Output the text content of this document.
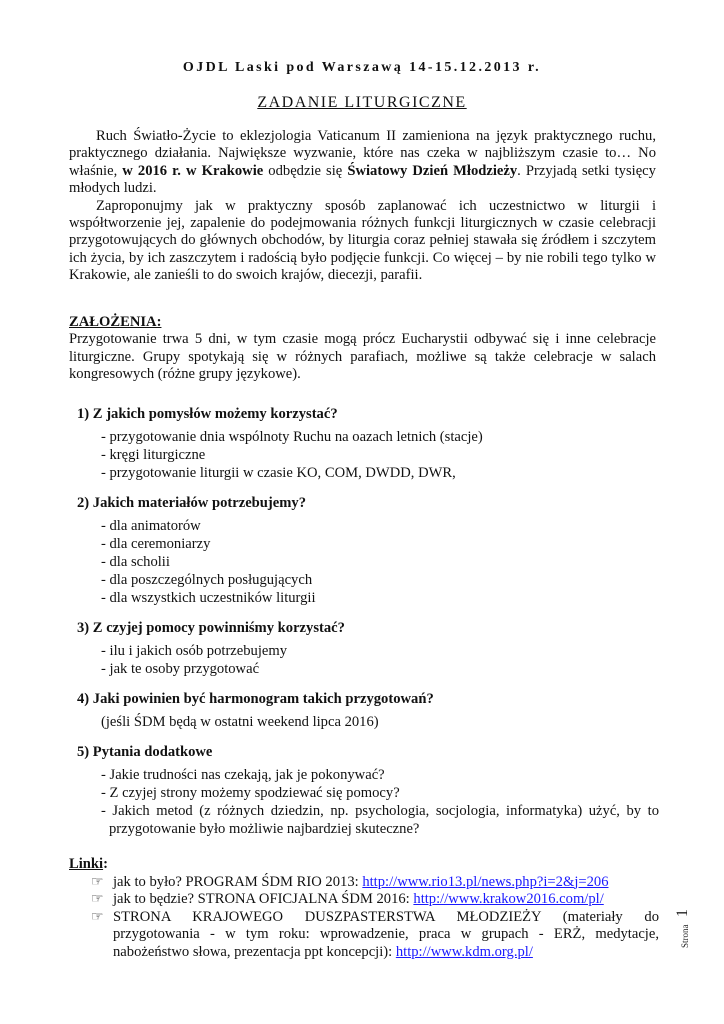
OJDL Laski pod Warszawą 14-15.12.2013 r.
ZADANIE LITURGICZNE

Ruch Światło-Życie to eklezjologia Vaticanum II zamieniona na język praktycznego ruchu, praktycznego działania. Największe wyzwanie, które nas czeka w najbliższym czasie to… No właśnie, w 2016 r. w Krakowie odbędzie się Światowy Dzień Młodzieży. Przyjadą setki tysięcy młodych ludzi.

Zaproponujmy jak w praktyczny sposób zaplanować ich uczestnictwo w liturgii i współtworzenie jej, zapalenie do podejmowania różnych funkcji liturgicznych w czasie celebracji przygotowujących do głównych obchodów, by liturgia coraz pełniej stawała się źródłem i szczytem ich życia, by ich zaszczytem i radością było podjęcie funkcji. Co więcej – by nie robili tego tylko w Krakowie, ale zanieśli to do swoich krajów, diecezji, parafii.

ZAŁOŻENIA:

Przygotowanie trwa 5 dni, w tym czasie mogą prócz Eucharystii odbywać się i inne celebracje liturgiczne. Grupy spotykają się w różnych parafiach, możliwe są także celebracje w salach kongresowych (różne grupy językowe).

1) Z jakich pomysłów możemy korzystać?
- przygotowanie dnia wspólnoty Ruchu na oazach letnich (stacje)
- kręgi liturgiczne
- przygotowanie liturgii w czasie KO, COM, DWDD, DWR,
2) Jakich materiałów potrzebujemy?
- dla animatorów
- dla ceremoniarzy
- dla scholii
- dla poszczególnych posługujących
- dla wszystkich uczestników liturgii
3) Z czyjej pomocy powinniśmy korzystać?
- ilu i jakich osób potrzebujemy
- jak te osoby przygotować
4) Jaki powinien być harmonogram takich przygotowań?
(jeśli ŚDM będą w ostatni weekend lipca 2016)
5) Pytania dodatkowe
- Jakie trudności nas czekają, jak je pokonywać?
- Z czyjej strony możemy spodziewać się pomocy?
- Jakich metod (z różnych dziedzin, np. psychologia, socjologia, informatyka) użyć, by to przygotowanie było możliwie najbardziej skuteczne?
Linki:
☞ jak to było? PROGRAM ŚDM RIO 2013: http://www.rio13.pl/news.php?i=2&j=206
☞ jak to będzie? STRONA OFICJALNA ŚDM 2016: http://www.krakow2016.com/pl/
☞ STRONA KRAJOWEGO DUSZPASTERSTWA MŁODZIEŻY (materiały do przygotowania - w tym roku: wprowadzenie, praca w grupach - ERŻ, medytacje, nabożeństwo słowa, prezentacja ppt koncepcji): http://www.kdm.org.pl/
Strona
1
